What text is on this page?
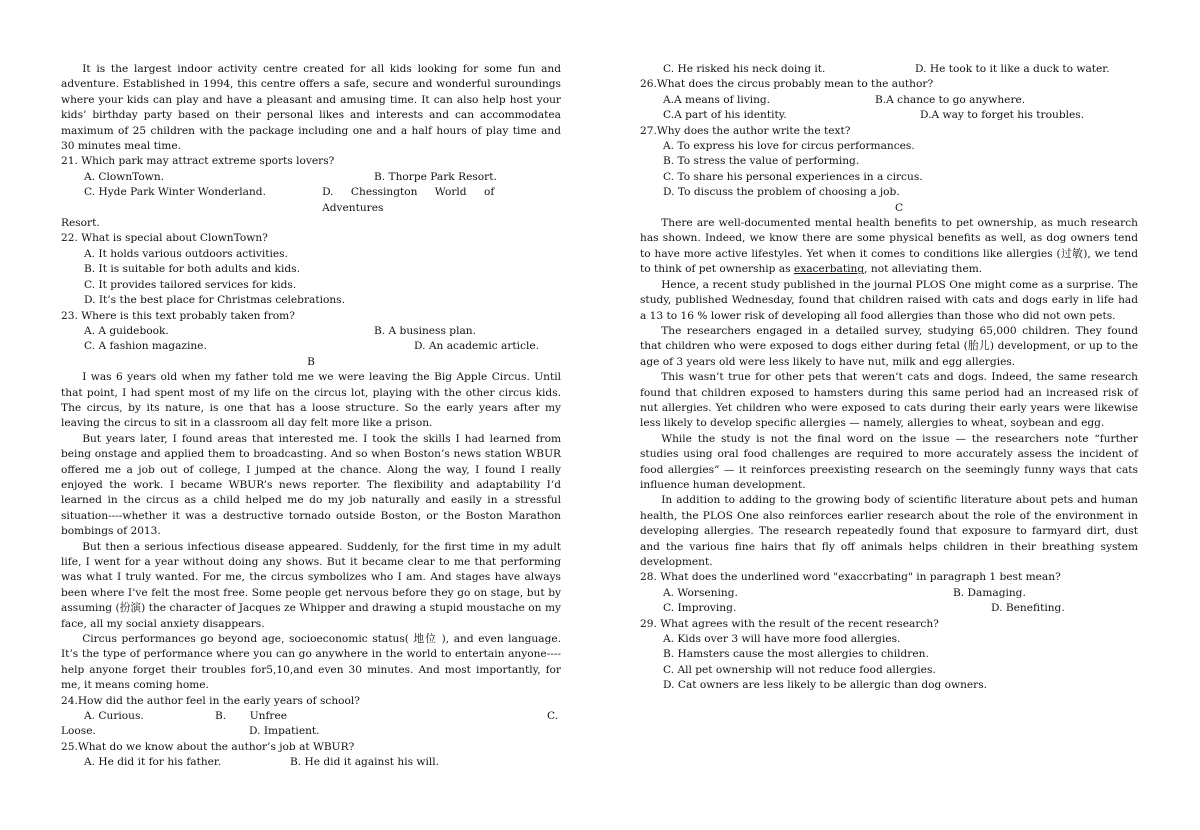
It is the largest indoor activity centre created for all kids looking for some fun and adventure. Established in 1994, this centre offers a safe, secure and wonderful suroundings where your kids can play and have a pleasant and amusing time. It can also help host your kids’ birthday party based on their personal likes and interests and can accommodatea maximum of 25 children with the package including one and a half hours of play time and 30 minutes meal time.

21. Which park may attract extreme sports lovers?

A. ClownTown.	B. Thorpe Park Resort.
C. Hyde Park Winter Wonderland.	D. Chessington World of Adventures

Resort.

22. What is special about ClownTown?

A. It holds various outdoors activities.

B. It is suitable for both adults and kids.

C. It provides tailored services for kids.

D. It’s the best place for Christmas celebrations.

23. Where is this text probably taken from?

A. A guidebook.	B. A business plan.
C. A fashion magazine.	D. An academic article.

B

I was 6 years old when my father told me we were leaving the Big Apple Circus. Until that point, I had spent most of my life on the circus lot, playing with the other circus kids. The circus, by its nature, is one that has a loose structure. So the early years after my leaving the circus to sit in a classroom all day felt more like a prison.

But years later, I found areas that interested me. I took the skills I had learned from being onstage and applied them to broadcasting. And so when Boston’s news station WBUR offered me a job out of college, I jumped at the chance. Along the way, I found I really enjoyed the work. I became WBUR’s news reporter. The flexibility and adaptability I’d learned in the circus as a child helped me do my job naturally and easily in a stressful situation----whether it was a destructive tornado outside Boston, or the Boston Marathon bombings of 2013.

But then a serious infectious disease appeared. Suddenly, for the first time in my adult life, I went for a year without doing any shows. But it became clear to me that performing was what I truly wanted. For me, the circus symbolizes who I am. And stages have always been where I’ve felt the most free. Some people get nervous before they go on stage, but by assuming (扮演) the character of Jacques ze Whipper and drawing a stupid moustache on my face, all my social anxiety disappears.

Circus performances go beyond age, socioeconomic status( 地位 ), and even language. It’s the type of performance where you can go anywhere in the world to entertain anyone----help anyone forget their troubles for5,10,and even 30 minutes. And most importantly, for me, it means coming home.

24.How did the author feel in the early years of school?

A. Curious.	B.       Unfree	C.
Loose.	D. Impatient.

25.What do we know about the author’s job at WBUR?

A. He did it for his father.	B. He did it against his will.
C. He risked his neck doing it.	D. He took to it like a duck to water.

26.What does the circus probably mean to the author?

A.A means of living.	B.A chance to go anywhere.
C.A part of his identity.	D.A way to forget his troubles.

27.Why does the author write the text?

A. To express his love for circus performances.

B. To stress the value of performing.

C. To share his personal experiences in a circus.

D. To discuss the problem of choosing a job.

C

There are well-documented mental health benefits to pet ownership, as much research has shown. Indeed, we know there are some physical benefits as well, as dog owners tend to have more active lifestyles. Yet when it comes to conditions like allergies (过敏), we tend to think of pet ownership as exacerbating, not alleviating them.

Hence, a recent study published in the journal PLOS One might come as a surprise. The study, published Wednesday, found that children raised with cats and dogs early in life had a 13 to 16 % lower risk of developing all food allergies than those who did not own pets.

The researchers engaged in a detailed survey, studying 65,000 children. They found that children who were exposed to dogs either during fetal (胎儿) development, or up to the age of 3 years old were less likely to have nut, milk and egg allergies.

This wasn’t true for other pets that weren’t cats and dogs. Indeed, the same research found that children exposed to hamsters during this same period had an increased risk of nut allergies. Yet children who were exposed to cats during their early years were likewise less likely to develop specific allergies — namely, allergies to wheat, soybean and egg.

While the study is not the final word on the issue — the researchers note “further studies using oral food challenges are required to more accurately assess the incident of food allergies” — it reinforces preexisting research on the seemingly funny ways that cats influence human development.

In addition to adding to the growing body of scientific literature about pets and human health, the PLOS One also reinforces earlier research about the role of the environment in developing allergies. The research repeatedly found that exposure to farmyard dirt, dust and the various fine hairs that fly off animals helps children in their breathing system development.

28. What does the underlined word "exaccrbating" in paragraph 1 best mean?

A. Worsening.	B. Damaging.
C. Improving.	D. Benefiting.

29. What agrees with the result of the recent research?

A. Kids over 3 will have more food allergies.

B. Hamsters cause the most allergies to children.

C. All pet ownership will not reduce food allergies.

D. Cat owners are less likely to be allergic than dog owners.
